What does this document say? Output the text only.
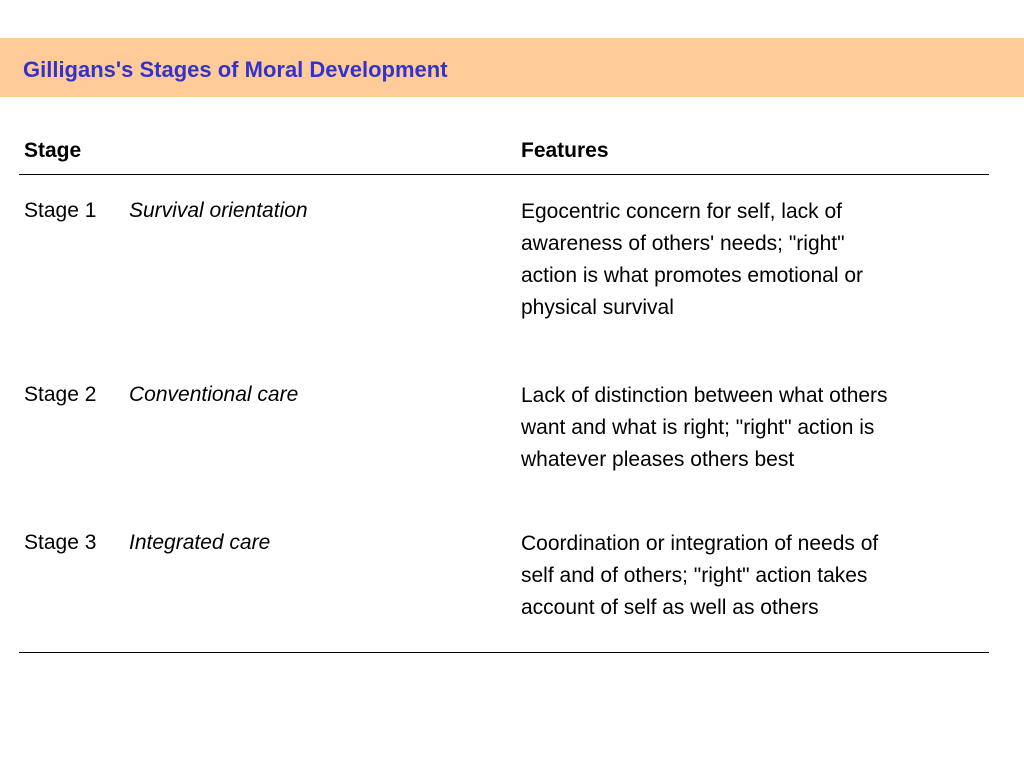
Gilligans's Stages of Moral Development
Stage	Features
Stage 1 Survival orientation	Egocentric concern for self, lack of
awareness of others' needs; "right"
action is what promotes emotional or
physical survival
Stage 2 Conventional care	Lack of distinction between what others
want and what is right; "right" action is
whatever pleases others best
Stage 3 Integrated care	Coordination or integration of needs of
self and of others; "right" action takes
account of self as well as others
